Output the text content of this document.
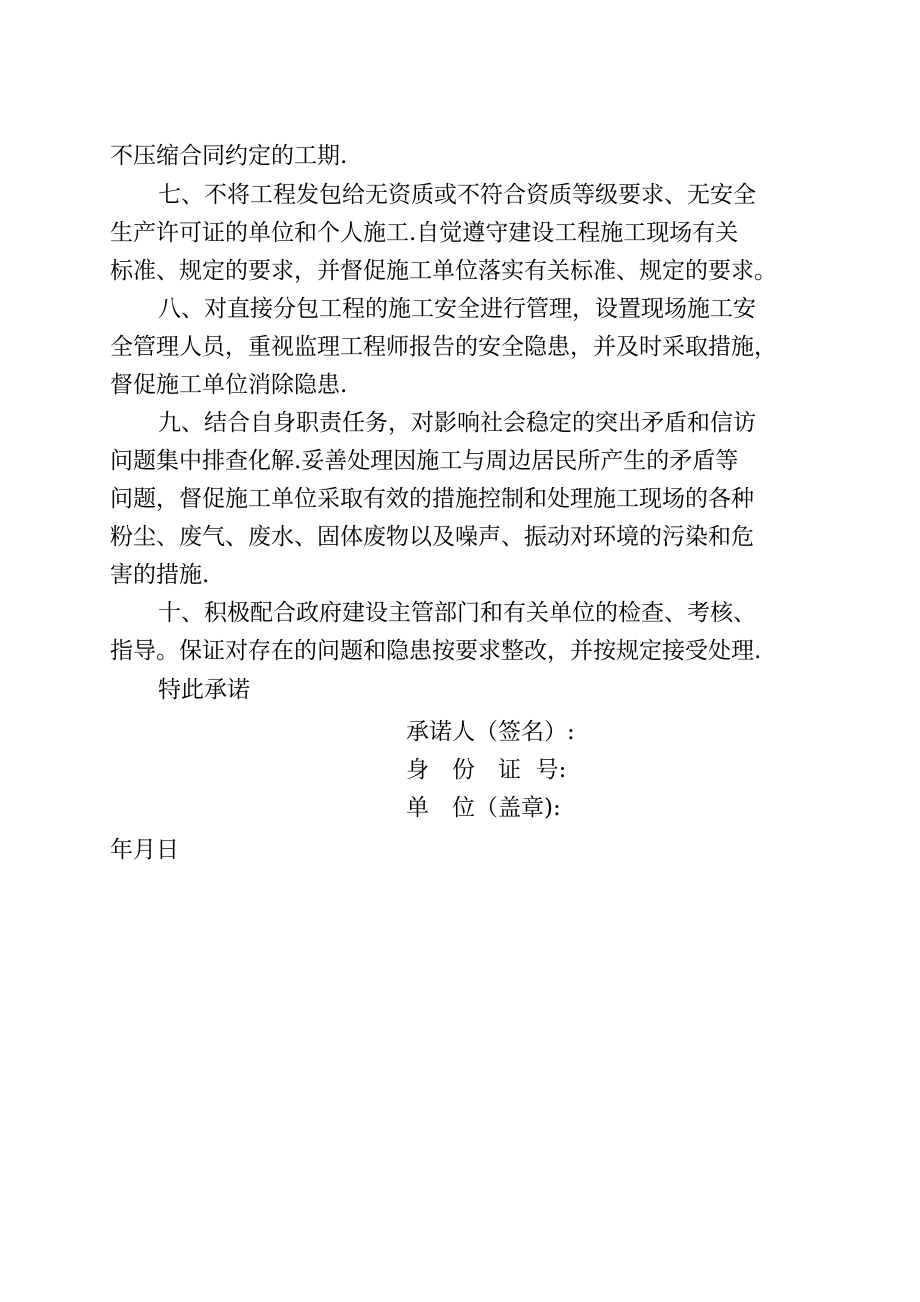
不压缩合同约定的工期.
七、不将工程发包给无资质或不符合资质等级要求、无安全
生产许可证的单位和个人施工.自觉遵守建设工程施工现场有关
标准、规定的要求，并督促施工单位落实有关标准、规定的要求。
八、对直接分包工程的施工安全进行管理，设置现场施工安
全管理人员，重视监理工程师报告的安全隐患，并及时采取措施，
督促施工单位消除隐患.
九、结合自身职责任务，对影响社会稳定的突出矛盾和信访
问题集中排查化解.妥善处理因施工与周边居民所产生的矛盾等
问题，督促施工单位采取有效的措施控制和处理施工现场的各种
粉尘、废气、废水、固体废物以及噪声、振动对环境的污染和危
害的措施.
十、积极配合政府建设主管部门和有关单位的检查、考核、
指导。保证对存在的问题和隐患按要求整改，并按规定接受处理.
特此承诺
承诺人（签名）:
身　份　证  号:
单　位（盖章):
年月日
